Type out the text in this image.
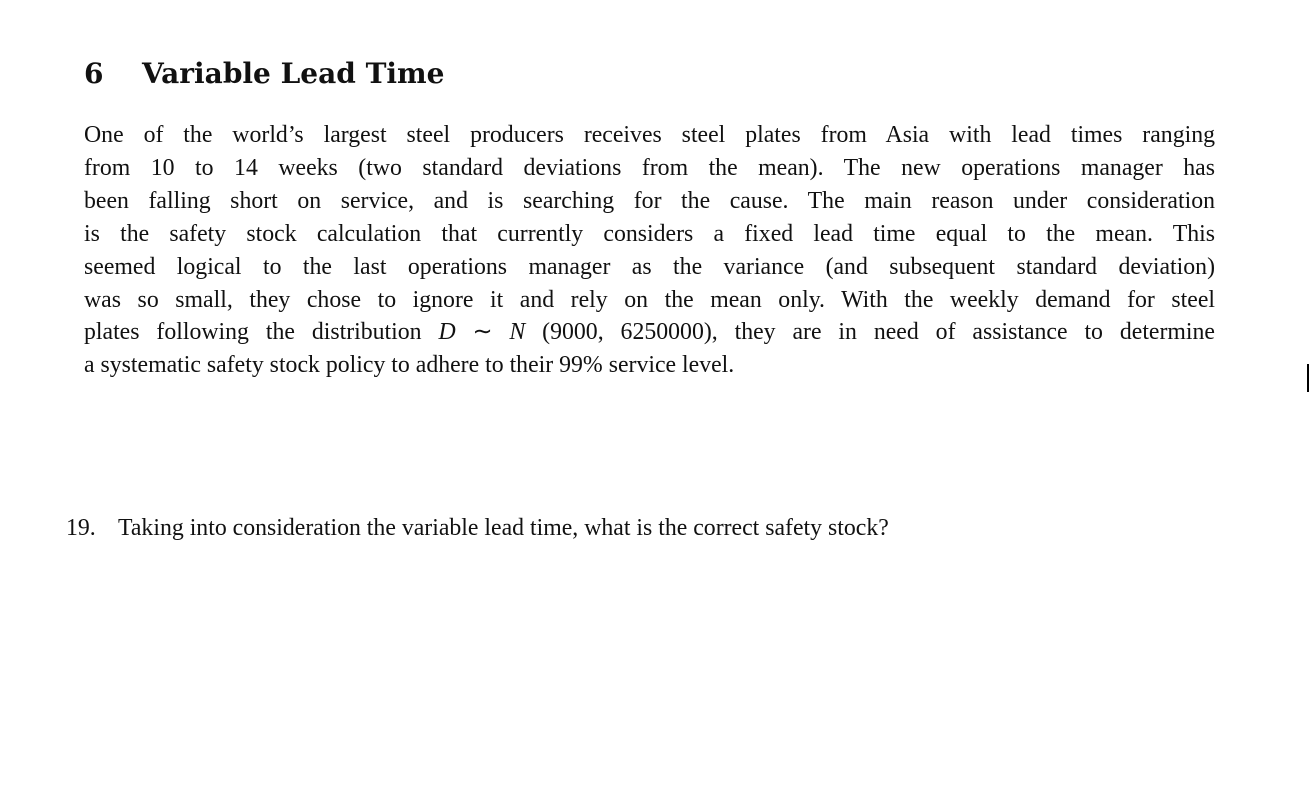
6 Variable Lead Time

One of the world’s largest steel producers receives steel plates from Asia with lead times ranging
from 10 to 14 weeks (two standard deviations from the mean). The new operations manager has
been falling short on service, and is searching for the cause. The main reason under consideration
is the safety stock calculation that currently considers a fixed lead time equal to the mean. This
seemed logical to the last operations manager as the variance (and subsequent standard deviation)
was so small, they chose to ignore it and rely on the mean only. With the weekly demand for steel
plates following the distribution D ∼ N (9000, 6250000), they are in need of assistance to determine
a systematic safety stock policy to adhere to their 99% service level.

19. Taking into consideration the variable lead time, what is the correct safety stock?
